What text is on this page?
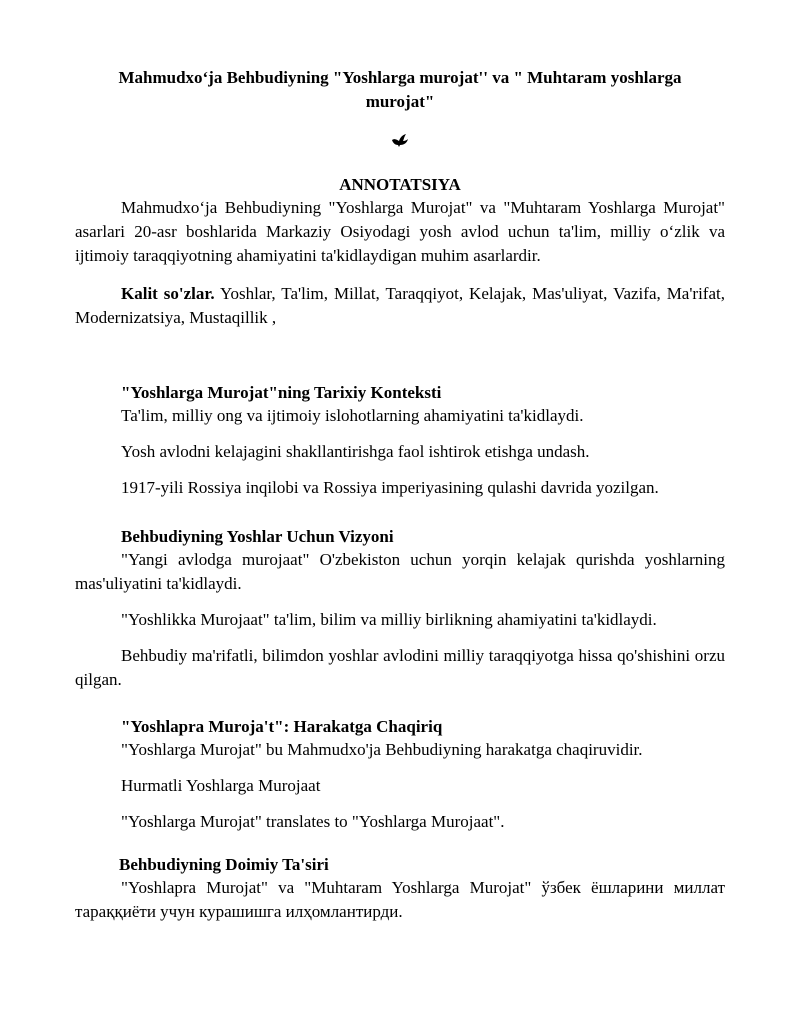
Mahmudxo‘ja Behbudiyning "Yoshlarga murojat'' va " Muhtaram yoshlarga murojat"
ANNOTATSIYA

Mahmudxo‘ja Behbudiyning "Yoshlarga Murojat" va "Muhtaram Yoshlarga Murojat" asarlari 20-asr boshlarida Markaziy Osiyodagi yosh avlod uchun ta'lim, milliy o‘zlik va ijtimoiy taraqqiyotning ahamiyatini ta'kidlaydigan muhim asarlardir.

Kalit so'zlar. Yoshlar, Ta'lim, Millat, Taraqqiyot, Kelajak, Mas'uliyat, Vazifa, Ma'rifat, Modernizatsiya, Mustaqillik ,

"Yoshlarga Murojat"ning Tarixiy Konteksti

Ta'lim, milliy ong va ijtimoiy islohotlarning ahamiyatini ta'kidlaydi.

Yosh avlodni kelajagini shakllantirishga faol ishtirok etishga undash.

1917-yili Rossiya inqilobi va Rossiya imperiyasining qulashi davrida yozilgan.

Behbudiyning Yoshlar Uchun Vizyoni

"Yangi avlodga murojaat" O'zbekiston uchun yorqin kelajak qurishda yoshlarning mas'uliyatini ta'kidlaydi.

"Yoshlikka Murojaat" ta'lim, bilim va milliy birlikning ahamiyatini ta'kidlaydi.

Behbudiy ma'rifatli, bilimdon yoshlar avlodini milliy taraqqiyotga hissa qo'shishini orzu qilgan.

"Yoshlapra Muroja't": Harakatga Chaqiriq

"Yoshlarga Murojat" bu Mahmudxo'ja Behbudiyning harakatga chaqiruvidir.

Hurmatli Yoshlarga Murojaat

"Yoshlarga Murojat" translates to "Yoshlarga Murojaat".

Behbudiyning Doimiy Ta'siri

"Yoshlapra Murojat" va "Muhtaram Yoshlarga Murojat" ўзбек ёшларини миллат тараққиёти учун курашишга илҳомлантирди.
